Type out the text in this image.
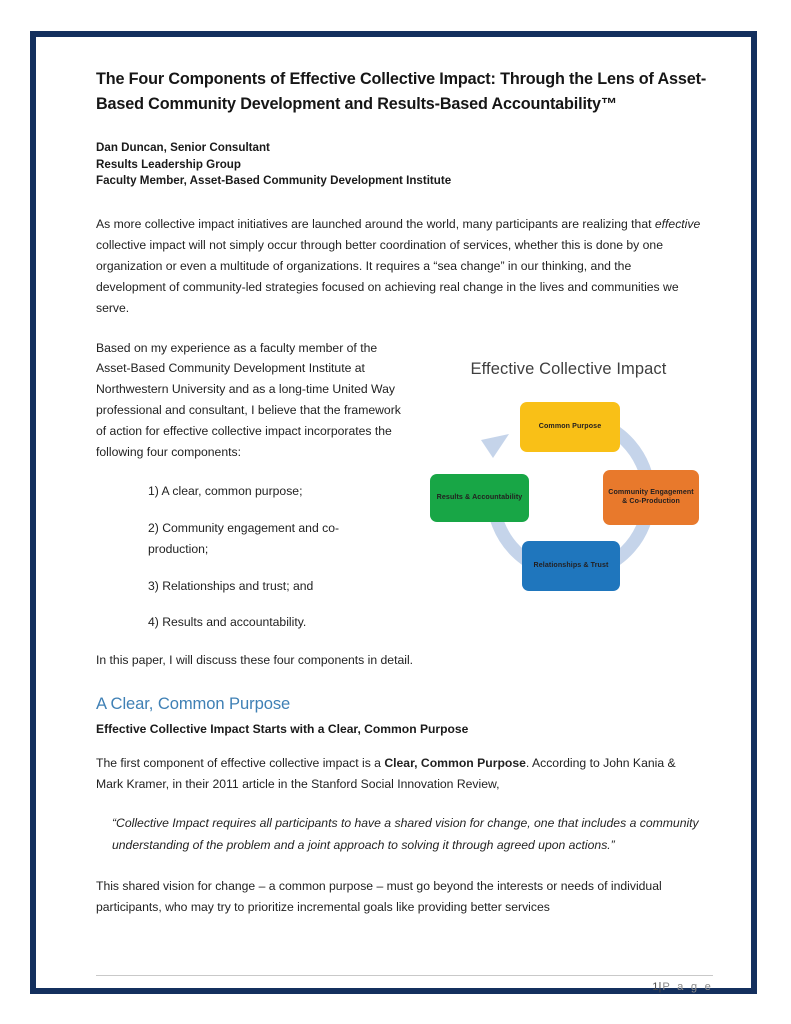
The Four Components of Effective Collective Impact: Through the Lens of Asset-Based Community Development and Results-Based Accountability™
Dan Duncan, Senior Consultant
Results Leadership Group
Faculty Member, Asset-Based Community Development Institute

As more collective impact initiatives are launched around the world, many participants are realizing that effective collective impact will not simply occur through better coordination of services, whether this is done by one organization or even a multitude of organizations. It requires a “sea change” in our thinking, and the development of community-led strategies focused on achieving real change in the lives and communities we serve.

Effective Collective Impact
Common Purpose
Community Engagement & Co-Production
Relationships & Trust
Results & Accountability

Based on my experience as a faculty member of the Asset-Based Community Development Institute at Northwestern University and as a long-time United Way professional and consultant, I believe that the framework of action for effective collective impact incorporates the following four components:

1) A clear, common purpose;
2) Community engagement and co-production;
3) Relationships and trust; and
4) Results and accountability.

In this paper, I will discuss these four components in detail.

A Clear, Common Purpose
Effective Collective Impact Starts with a Clear, Common Purpose

The first component of effective collective impact is a Clear, Common Purpose. According to John Kania & Mark Kramer, in their 2011 article in the Stanford Social Innovation Review,

“Collective Impact requires all participants to have a shared vision for change, one that includes a community understanding of the problem and a joint approach to solving it through agreed upon actions.”

This shared vision for change – a common purpose – must go beyond the interests or needs of individual participants, who may try to prioritize incremental goals like providing better services

1|P a g e
